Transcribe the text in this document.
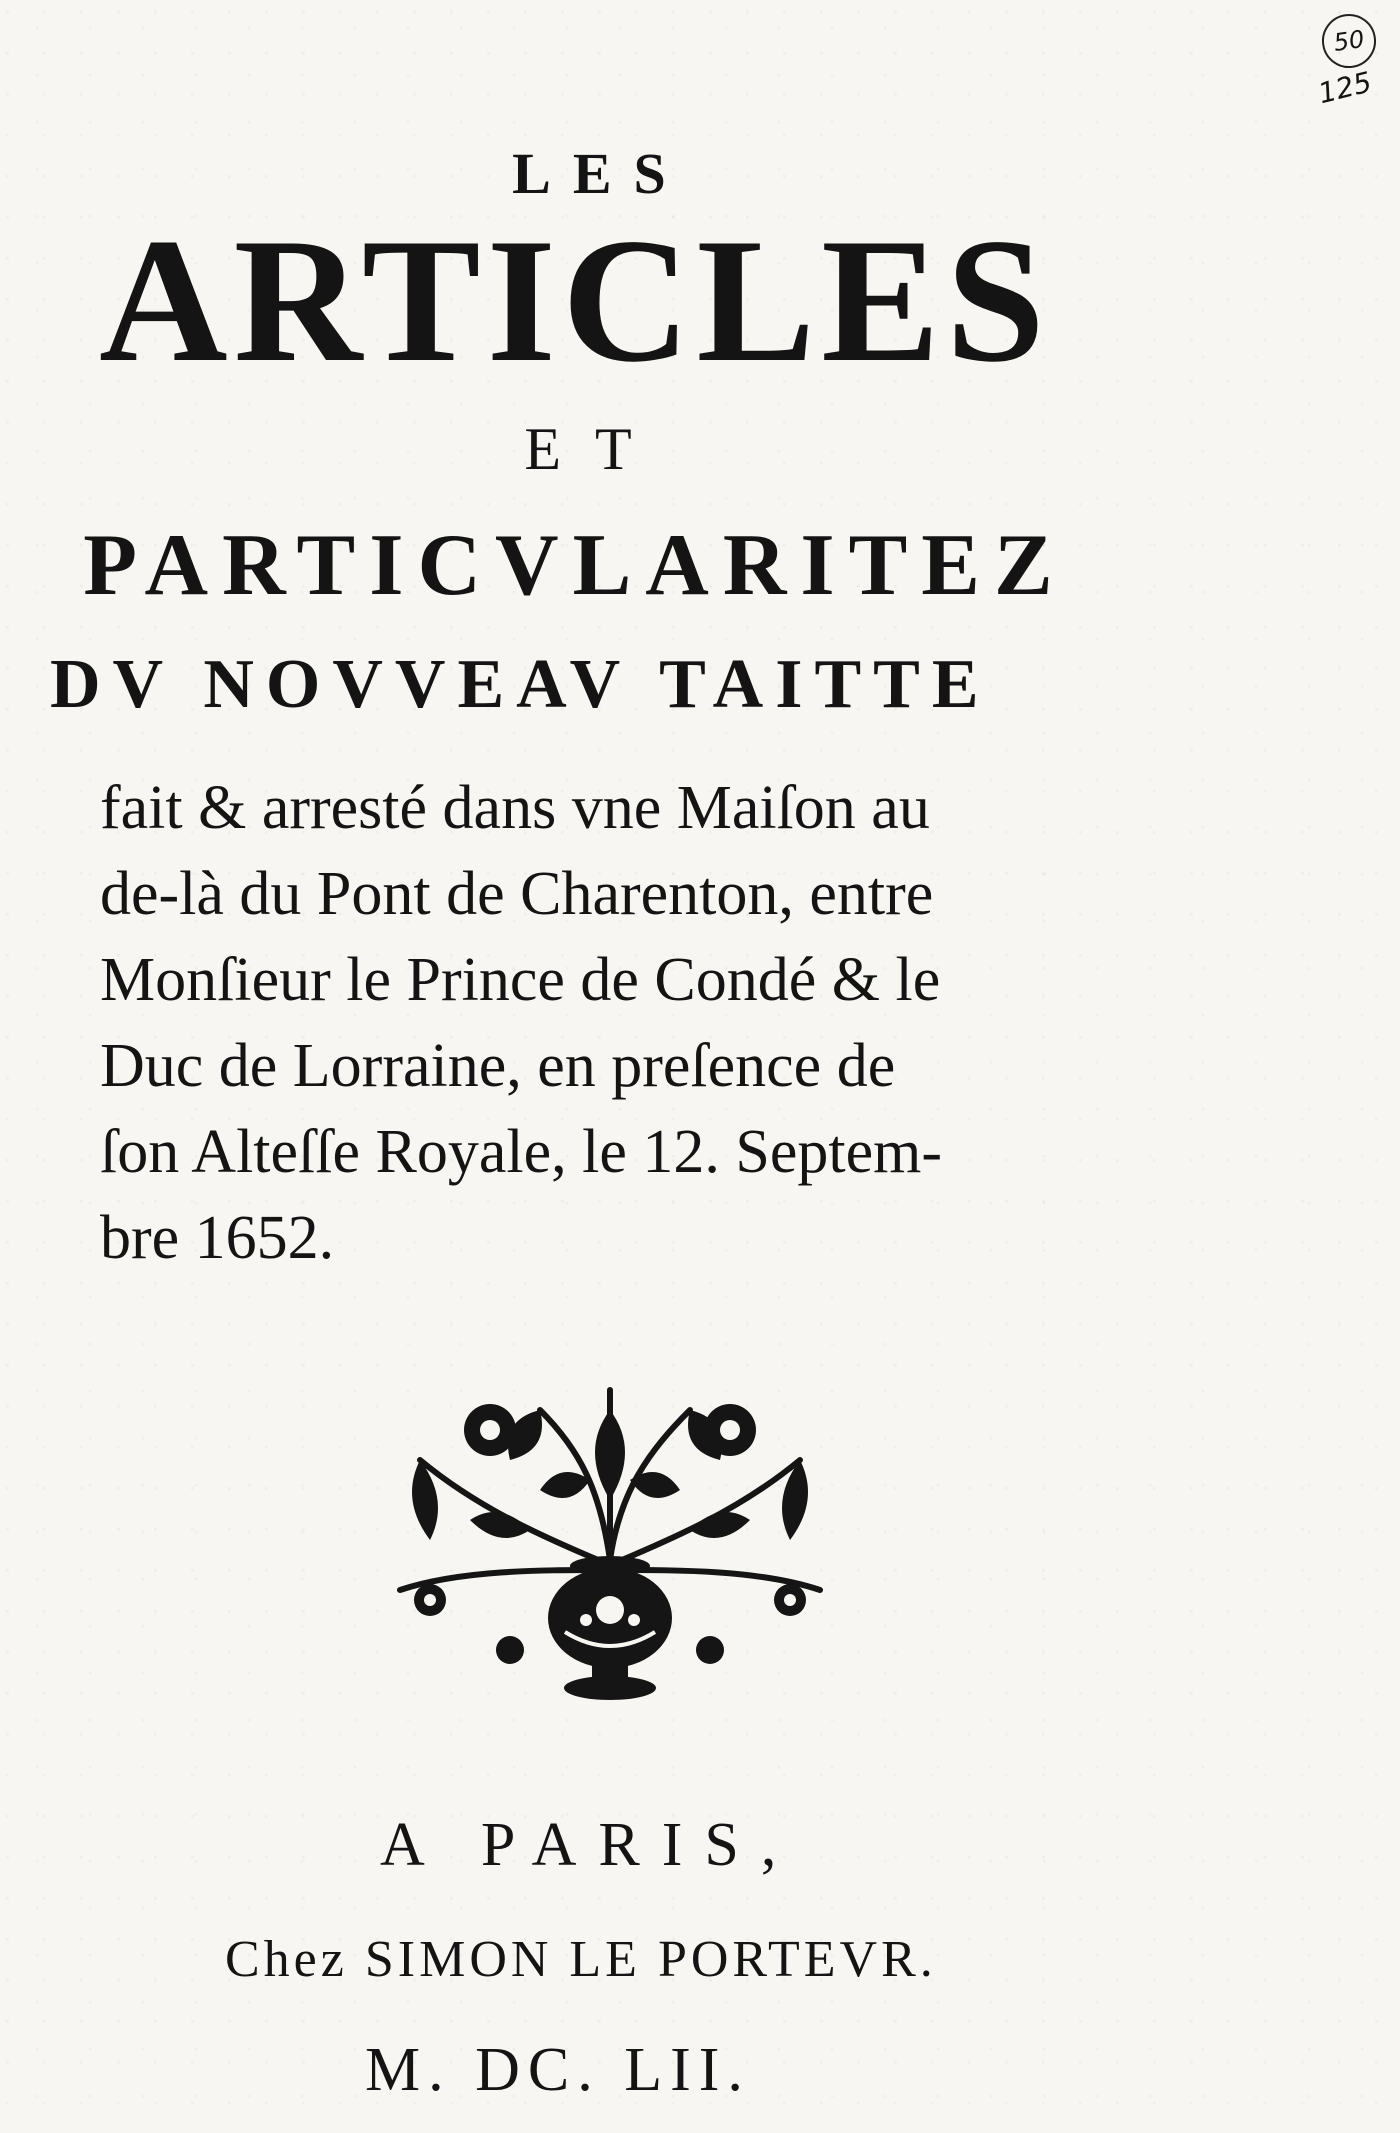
50
125
LES
ARTICLES
ET
PARTICVLARITEZ
DV NOVVEAV TAITTE
fait & arresté dans vne Maiſon au
de-là du Pont de Charenton, entre
Monſieur le Prince de Condé & le
Duc de Lorraine, en preſence de
ſon Alteſſe Royale, le 12. Septem-
bre 1652.
A PARIS,
Chez SIMON LE PORTEVR.
M. DC. LII.
